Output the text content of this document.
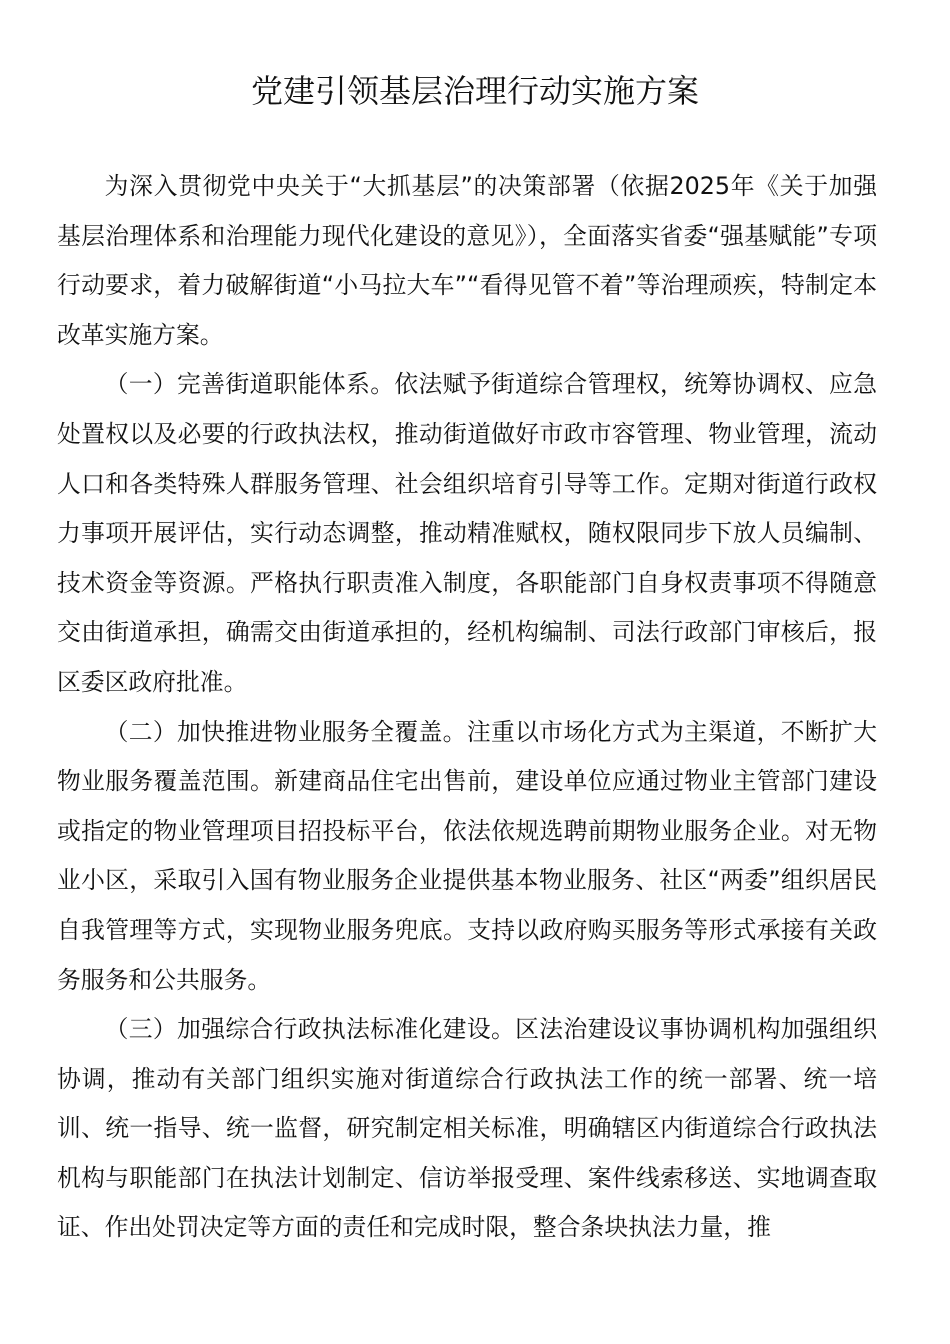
党建引领基层治理行动实施方案

为深入贯彻党中央关于“大抓基层”的决策部署（依据2025年《关于加强基层治理体系和治理能力现代化建设的意见》），全面落实省委“强基赋能”专项行动要求，着力破解街道“小马拉大车”“看得见管不着”等治理顽疾，特制定本改革实施方案。

（一）完善街道职能体系。依法赋予街道综合管理权，统筹协调权、应急处置权以及必要的行政执法权，推动街道做好市政市容管理、物业管理，流动人口和各类特殊人群服务管理、社会组织培育引导等工作。定期对街道行政权力事项开展评估，实行动态调整，推动精准赋权，随权限同步下放人员编制、技术资金等资源。严格执行职责准入制度，各职能部门自身权责事项不得随意交由街道承担，确需交由街道承担的，经机构编制、司法行政部门审核后，报区委区政府批准。

（二）加快推进物业服务全覆盖。注重以市场化方式为主渠道，不断扩大物业服务覆盖范围。新建商品住宅出售前，建设单位应通过物业主管部门建设或指定的物业管理项目招投标平台，依法依规选聘前期物业服务企业。对无物业小区，采取引入国有物业服务企业提供基本物业服务、社区“两委”组织居民自我管理等方式，实现物业服务兜底。支持以政府购买服务等形式承接有关政务服务和公共服务。

（三）加强综合行政执法标准化建设。区法治建设议事协调机构加强组织协调，推动有关部门组织实施对街道综合行政执法工作的统一部署、统一培训、统一指导、统一监督，研究制定相关标准，明确辖区内街道综合行政执法机构与职能部门在执法计划制定、信访举报受理、案件线索移送、实地调查取证、作出处罚决定等方面的责任和完成时限，整合条块执法力量，推
